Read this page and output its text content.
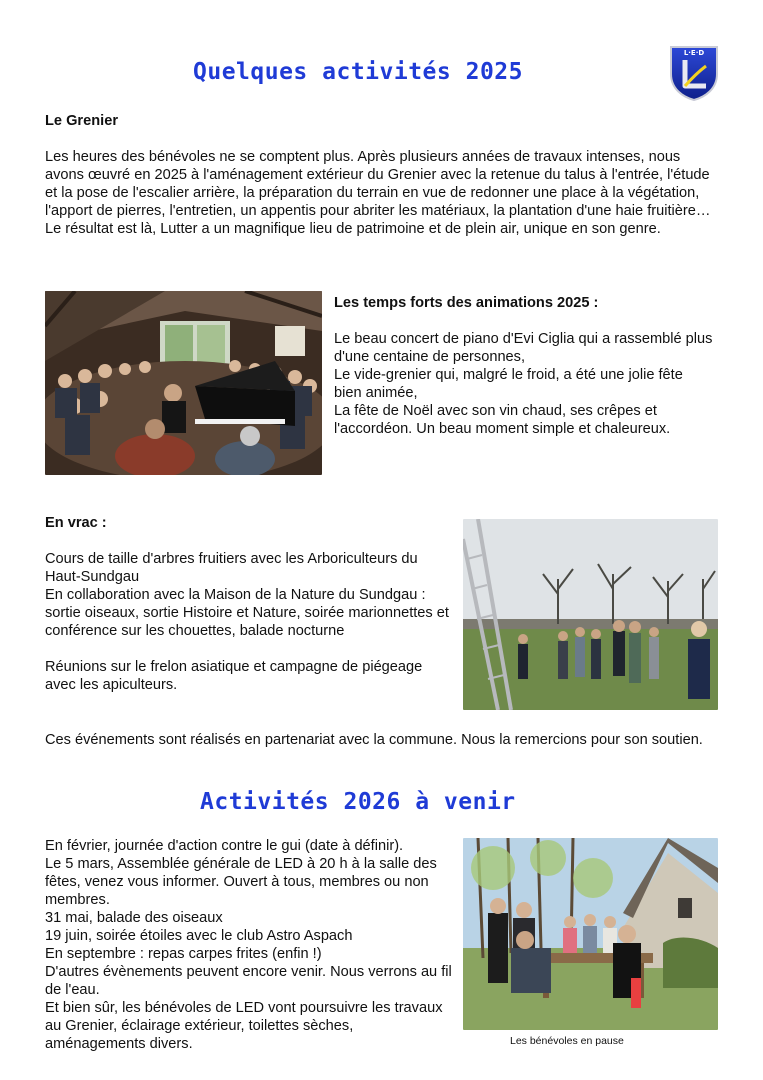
Quelques activités 2025
L·E·D
Le Grenier

Les heures des bénévoles ne se comptent plus. Après plusieurs années de travaux intenses, nous avons œuvré en 2025 à l'aménagement extérieur du Grenier avec la retenue du talus à l'entrée, l'étude et la pose de l'escalier arrière, la préparation du terrain en vue de redonner une place à la végétation, l'apport de pierres, l'entretien, un appentis pour abriter les matériaux, la plantation d'une haie fruitière…

Le résultat est là, Lutter a un magnifique lieu de patrimoine et de plein air, unique en son genre.

Les temps forts des animations 2025 :

Le beau concert de piano d'Evi Ciglia qui a rassemblé plus d'une centaine de personnes,

Le vide-grenier qui, malgré le froid, a été une jolie fête bien animée,

La fête de Noël avec son vin chaud, ses crêpes et l'accordéon. Un beau moment simple et chaleureux.

En vrac :

Cours de taille d'arbres fruitiers avec les Arboriculteurs du Haut-Sundgau

En collaboration avec la Maison de la Nature du Sundgau : sortie oiseaux, sortie Histoire et Nature, soirée marionnettes et conférence sur les chouettes, balade nocturne

Réunions sur le frelon asiatique et campagne de piégeage avec les apiculteurs.

Ces événements sont réalisés en partenariat avec la commune. Nous la remercions pour son soutien.
Activités 2026 à venir

En février, journée d'action contre le gui (date à définir).

Le 5 mars, Assemblée générale de LED à 20 h à la salle des fêtes, venez vous informer. Ouvert à tous, membres ou non membres.

31 mai, balade des oiseaux

19 juin, soirée étoiles avec le club Astro Aspach

En septembre : repas carpes frites (enfin !)

D'autres évènements peuvent encore venir. Nous verrons au fil de l'eau.

Et bien sûr, les bénévoles de LED vont poursuivre les travaux au Grenier, éclairage extérieur, toilettes sèches, aménagements divers.	Les bénévoles en pause
